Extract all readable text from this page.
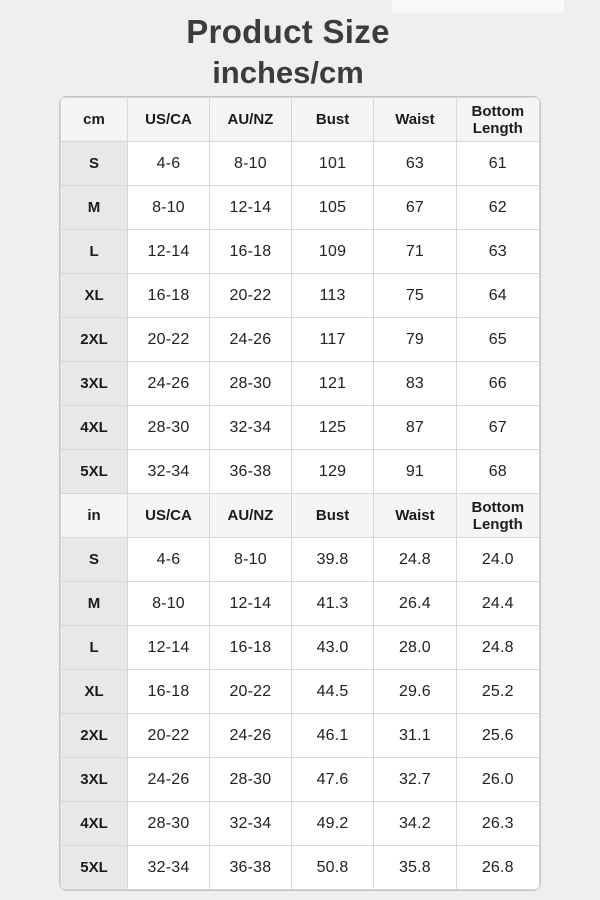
Product Size
inches/cm
cm	US/CA	AU/NZ	Bust	Waist	Bottom Length
S	4-6	8-10	101	63	61
M	8-10	12-14	105	67	62
L	12-14	16-18	109	71	63
XL	16-18	20-22	113	75	64
2XL	20-22	24-26	117	79	65
3XL	24-26	28-30	121	83	66
4XL	28-30	32-34	125	87	67
5XL	32-34	36-38	129	91	68
in	US/CA	AU/NZ	Bust	Waist	Bottom Length
S	4-6	8-10	39.8	24.8	24.0
M	8-10	12-14	41.3	26.4	24.4
L	12-14	16-18	43.0	28.0	24.8
XL	16-18	20-22	44.5	29.6	25.2
2XL	20-22	24-26	46.1	31.1	25.6
3XL	24-26	28-30	47.6	32.7	26.0
4XL	28-30	32-34	49.2	34.2	26.3
5XL	32-34	36-38	50.8	35.8	26.8
